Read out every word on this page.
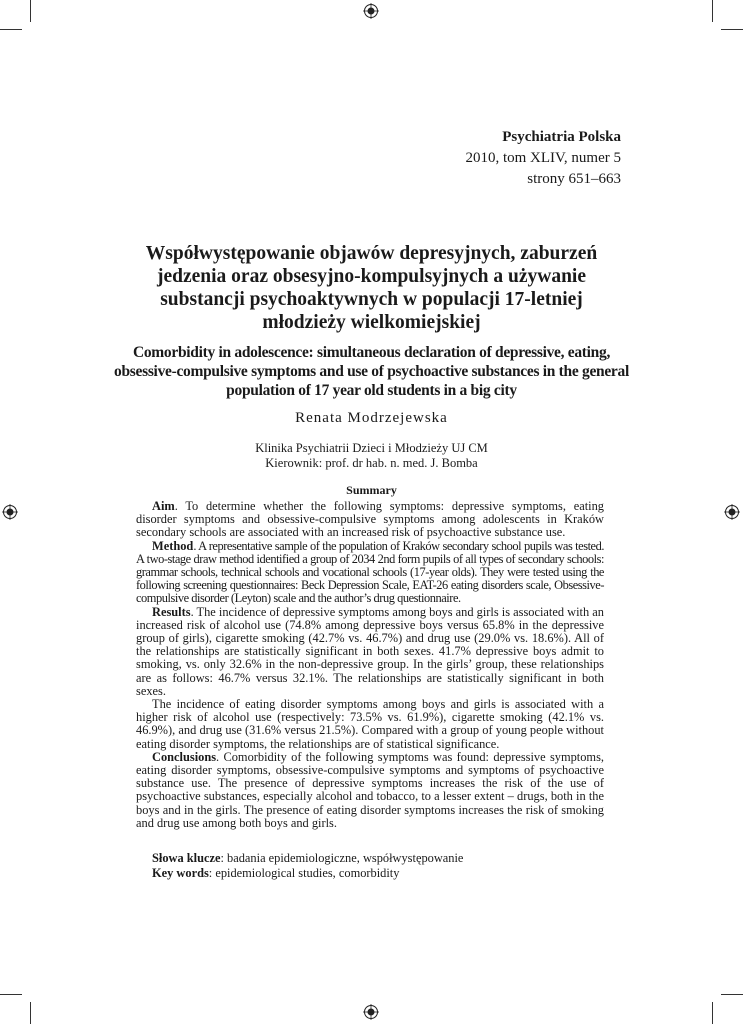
Psychiatria Polska
2010, tom XLIV, numer 5
strony 651–663
Współwystępowanie objawów depresyjnych, zaburzeń jedzenia oraz obsesyjno-kompulsyjnych a używanie substancji psychoaktywnych w populacji 17-letniej młodzieży wielkomiejskiej
Comorbidity in adolescence: simultaneous declaration of depressive, eating, obsessive-compulsive symptoms and use of psychoactive substances in the general population of 17 year old students in a big city
Renata Modrzejewska
Klinika Psychiatrii Dzieci i Młodzieży UJ CM
Kierownik: prof. dr hab. n. med. J. Bomba
Summary

Aim. To determine whether the following symptoms: depressive symptoms, eating disorder symptoms and obsessive-compulsive symptoms among adolescents in Kraków secondary schools are associated with an increased risk of psychoactive substance use.

Method. A representative sample of the population of Kraków secondary school pupils was tested. A two-stage draw method identified a group of 2034 2nd form pupils of all types of secondary schools: grammar schools, technical schools and vocational schools (17-year olds). They were tested using the following screening questionnaires: Beck Depression Scale, EAT-26 eating disorders scale, Obsessive-compulsive disorder (Leyton) scale and the author’s drug questionnaire.

Results. The incidence of depressive symptoms among boys and girls is associated with an increased risk of alcohol use (74.8% among depressive boys versus 65.8% in the depressive group of girls), cigarette smoking (42.7% vs. 46.7%) and drug use (29.0% vs. 18.6%). All of the relationships are statistically significant in both sexes. 41.7% depressive boys admit to smoking, vs. only 32.6% in the non-depressive group. In the girls’ group, these relationships are as follows: 46.7% versus 32.1%. The relationships are statistically significant in both sexes.

The incidence of eating disorder symptoms among boys and girls is associated with a higher risk of alcohol use (respectively: 73.5% vs. 61.9%), cigarette smoking (42.1% vs. 46.9%), and drug use (31.6% versus 21.5%). Compared with a group of young people without eating disorder symptoms, the relationships are of statistical significance.

Conclusions. Comorbidity of the following symptoms was found: depressive symptoms, eating disorder symptoms, obsessive-compulsive symptoms and symptoms of psychoactive substance use. The presence of depressive symptoms increases the risk of the use of psychoactive substances, especially alcohol and tobacco, to a lesser extent – drugs, both in the boys and in the girls. The presence of eating disorder symptoms increases the risk of smoking and drug use among both boys and girls.

Słowa klucze: badania epidemiologiczne, współwystępowanie
Key words: epidemiological studies, comorbidity
